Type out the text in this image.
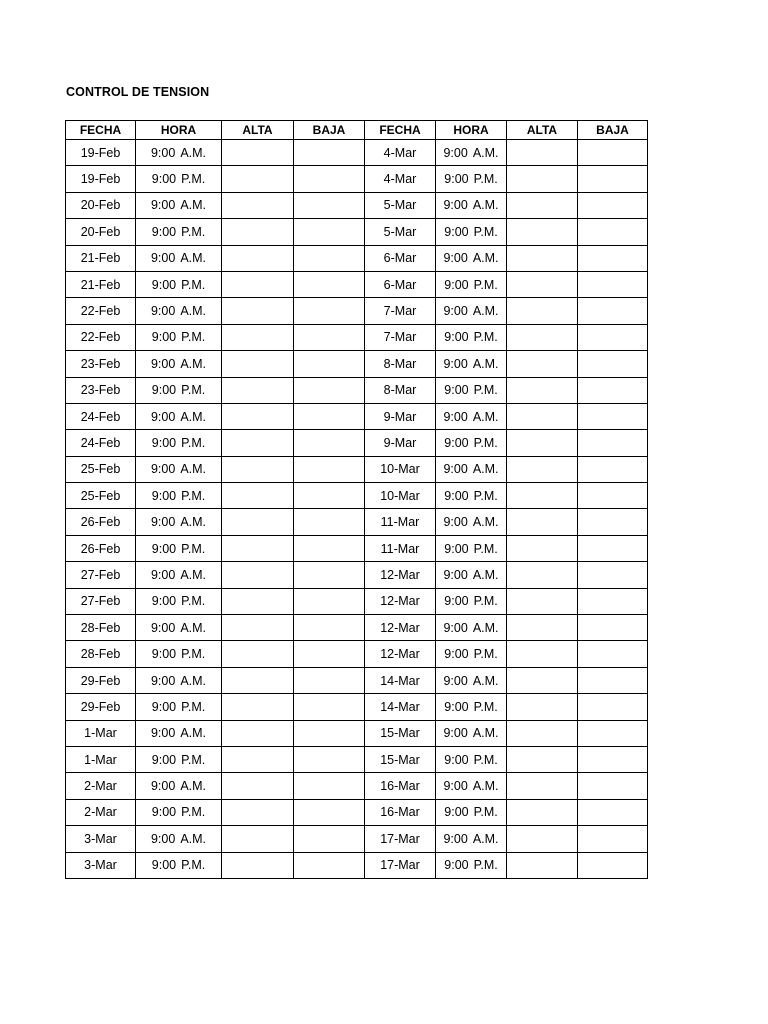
CONTROL DE TENSION
FECHA	HORA	ALTA	BAJA	FECHA	HORA	ALTA	BAJA
19-Feb	9:00 A.M.			4-Mar	9:00 A.M.		
19-Feb	9:00 P.M.			4-Mar	9:00 P.M.		
20-Feb	9:00 A.M.			5-Mar	9:00 A.M.		
20-Feb	9:00 P.M.			5-Mar	9:00 P.M.		
21-Feb	9:00 A.M.			6-Mar	9:00 A.M.		
21-Feb	9:00 P.M.			6-Mar	9:00 P.M.		
22-Feb	9:00 A.M.			7-Mar	9:00 A.M.		
22-Feb	9:00 P.M.			7-Mar	9:00 P.M.		
23-Feb	9:00 A.M.			8-Mar	9:00 A.M.		
23-Feb	9:00 P.M.			8-Mar	9:00 P.M.		
24-Feb	9:00 A.M.			9-Mar	9:00 A.M.		
24-Feb	9:00 P.M.			9-Mar	9:00 P.M.		
25-Feb	9:00 A.M.			10-Mar	9:00 A.M.		
25-Feb	9:00 P.M.			10-Mar	9:00 P.M.		
26-Feb	9:00 A.M.			11-Mar	9:00 A.M.		
26-Feb	9:00 P.M.			11-Mar	9:00 P.M.		
27-Feb	9:00 A.M.			12-Mar	9:00 A.M.		
27-Feb	9:00 P.M.			12-Mar	9:00 P.M.		
28-Feb	9:00 A.M.			12-Mar	9:00 A.M.		
28-Feb	9:00 P.M.			12-Mar	9:00 P.M.		
29-Feb	9:00 A.M.			14-Mar	9:00 A.M.		
29-Feb	9:00 P.M.			14-Mar	9:00 P.M.		
1-Mar	9:00 A.M.			15-Mar	9:00 A.M.		
1-Mar	9:00 P.M.			15-Mar	9:00 P.M.		
2-Mar	9:00 A.M.			16-Mar	9:00 A.M.		
2-Mar	9:00 P.M.			16-Mar	9:00 P.M.		
3-Mar	9:00 A.M.			17-Mar	9:00 A.M.		
3-Mar	9:00 P.M.			17-Mar	9:00 P.M.		
